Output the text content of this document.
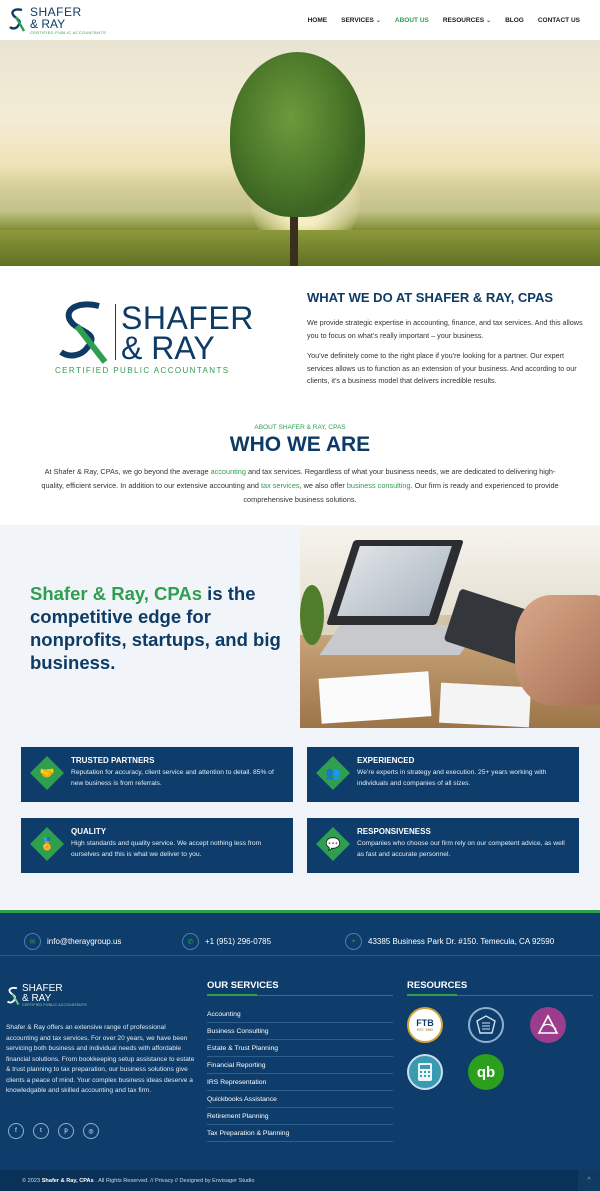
SHAFER
& RAY
CERTIFIED PUBLIC ACCOUNTANTS
HOME SERVICES ⌄ ABOUT US RESOURCES ⌄ BLOG CONTACT US
SHAFER
& RAY
CERTIFIED PUBLIC ACCOUNTANTS
WHAT WE DO AT SHAFER & RAY, CPAS

We provide strategic expertise in accounting, finance, and tax services. And this allows you to focus on what’s really important – your business.

You’ve definitely come to the right place if you’re looking for a partner. Our expert services allows us to function as an extension of your business. And according to our clients, it’s a business model that delivers incredible results.

ABOUT SHAFER & RAY, CPAS
WHO WE ARE

At Shafer & Ray, CPAs, we go beyond the average accounting and tax services. Regardless of what your business needs, we are dedicated to delivering high-quality, efficient service. In addition to our extensive accounting and tax services, we also offer business consulting. Our firm is ready and experienced to provide comprehensive business solutions.

Shafer & Ray, CPAs is the competitive edge for nonprofits, startups, and big business.
🤝
TRUSTED PARTNERS
Reputation for accuracy, client service and attention to detail. 85% of new business is from referrals.
👥
EXPERIENCED
We’re experts in strategy and execution. 25+ years working with individuals and companies of all sizes.
🏅
QUALITY
High standards and quality service. We accept nothing less from ourselves and this is what we deliver to you.
💬
RESPONSIVENESS
Companies who choose our firm rely on our competent advice, as well as fast and accurate personnel.
✉	info@theraygroup.us	✆	+1 (951) 296-0785	⌖	43385 Business Park Dr. #150. Temecula, CA 92590
SHAFER
& RAY
CERTIFIED PUBLIC ACCOUNTANTS

Shafer & Ray offers an extensive range of professional accounting and tax services. For over 20 years, we have been servicing both business and individual needs with affordable financial solutions. From bookkeeping setup assistance to estate & trust planning to tax preparation, our business solutions give clients a peace of mind. Your complex business ideas deserve a knowledgable and skilled accounting and tax firm.

f	t	p	◎
OUR SERVICES
Accounting
Business Consulting
Estate & Trust Planning
Financial Reporting
IRS Representation
Quickbooks Assistance
Retirement Planning
Tax Preparation & Planning
RESOURCES
FTB
EST. 1950
qb
© 2023 Shafer & Ray, CPAs . All Rights Reserved. // Privacy // Designed by Envisager Studio	^
